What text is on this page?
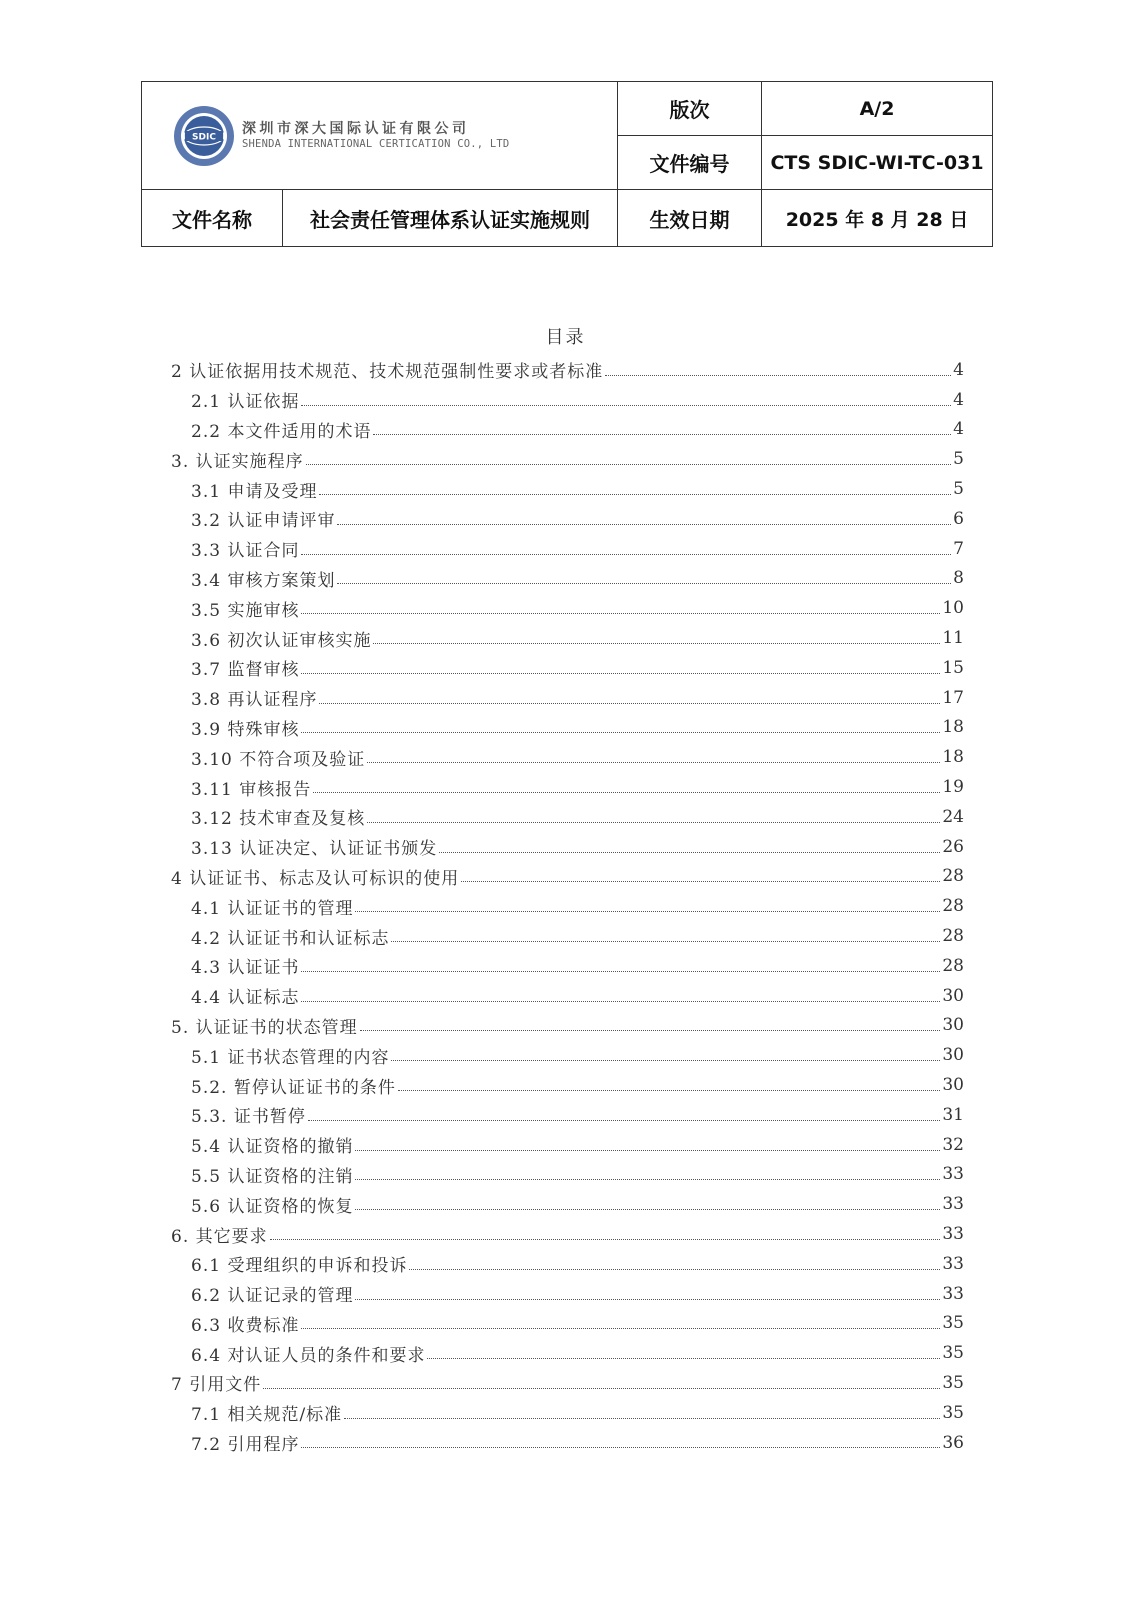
SDIC
深圳市深大国际认证有限公司
SHENDA INTERNATIONAL CERTICATION CO., LTD		版次	A/2
		文件编号	CTS SDIC-WI-TC-031
文件名称	社会责任管理体系认证实施规则	生效日期	2025 年 8 月 28 日
目录
2 认证依据用技术规范、技术规范强制性要求或者标准	4
2.1 认证依据	4
2.2 本文件适用的术语	4
3. 认证实施程序	5
3.1 申请及受理	5
3.2 认证申请评审	6
3.3 认证合同	7
3.4 审核方案策划	8
3.5 实施审核	10
3.6 初次认证审核实施	11
3.7 监督审核	15
3.8 再认证程序	17
3.9 特殊审核	18
3.10 不符合项及验证	18
3.11 审核报告	19
3.12 技术审查及复核	24
3.13 认证决定、认证证书颁发	26
4 认证证书、标志及认可标识的使用	28
4.1 认证证书的管理	28
4.2 认证证书和认证标志	28
4.3 认证证书	28
4.4 认证标志	30
5. 认证证书的状态管理	30
5.1 证书状态管理的内容	30
5.2. 暂停认证证书的条件	30
5.3. 证书暂停	31
5.4 认证资格的撤销	32
5.5 认证资格的注销	33
5.6 认证资格的恢复	33
6. 其它要求	33
6.1 受理组织的申诉和投诉	33
6.2 认证记录的管理	33
6.3 收费标准	35
6.4 对认证人员的条件和要求	35
7 引用文件	35
7.1 相关规范/标准	35
7.2 引用程序	36
